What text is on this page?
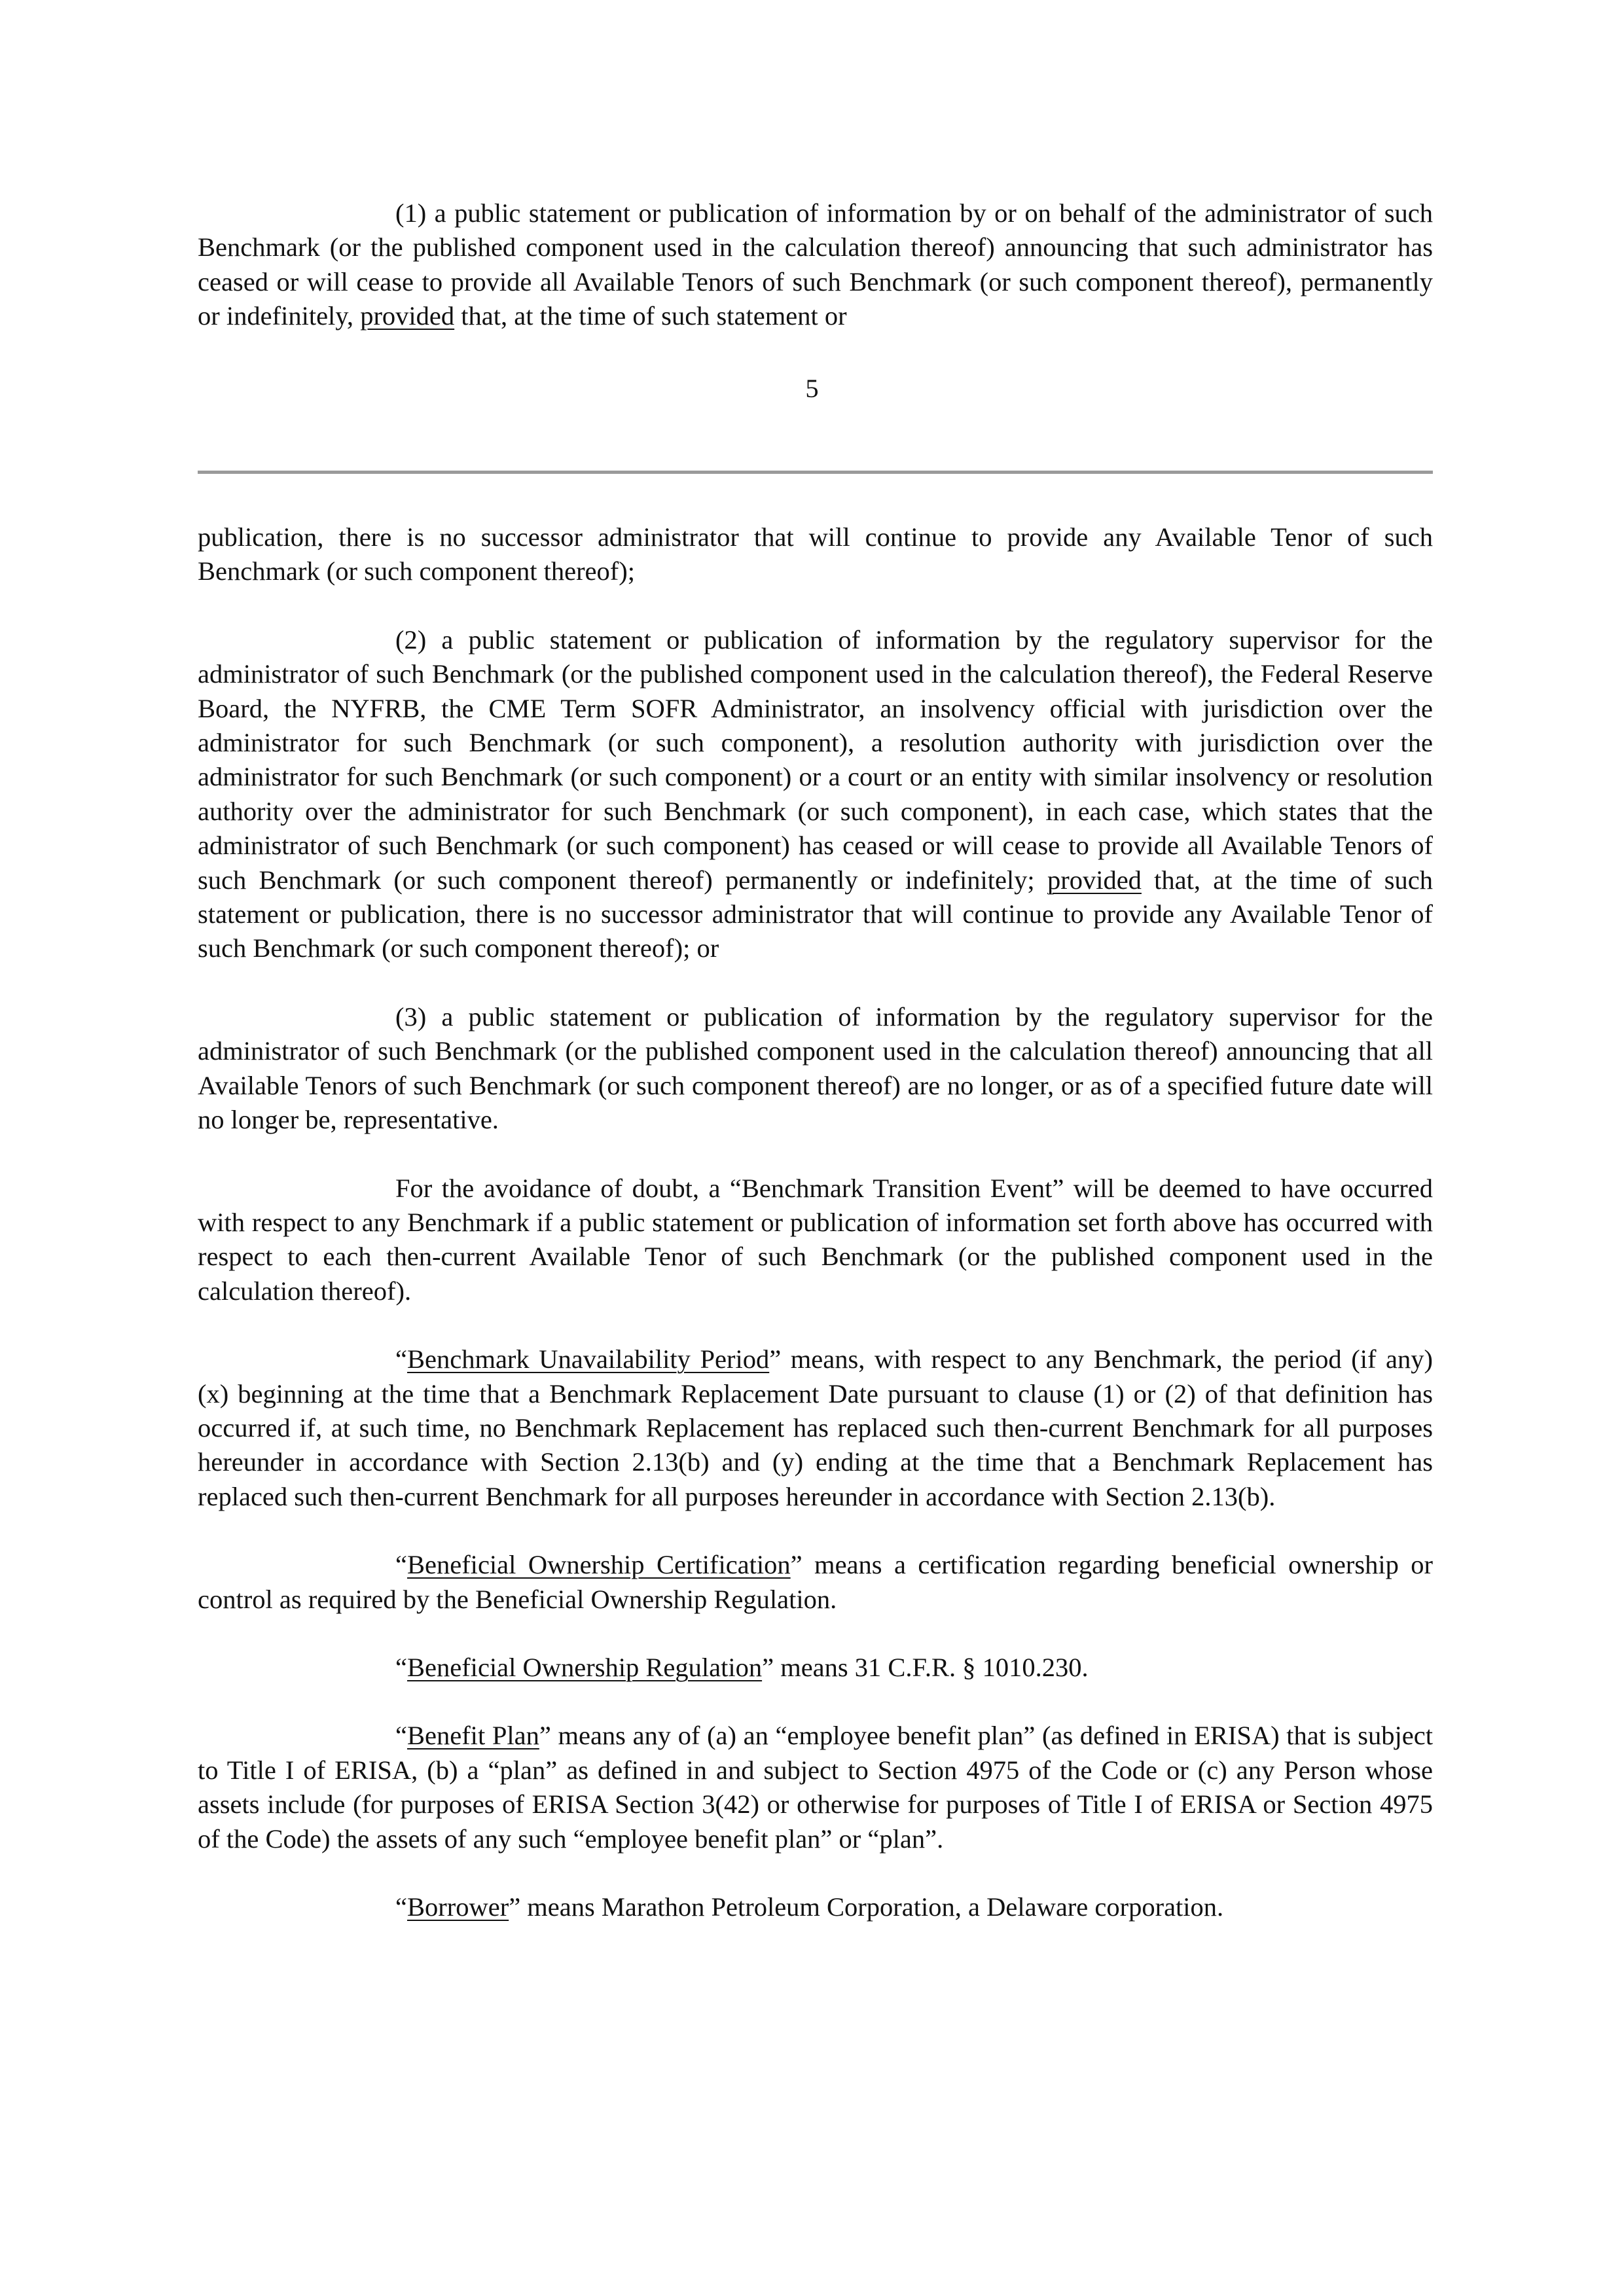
(1) a public statement or publication of information by or on behalf of the administrator of such Benchmark (or the published component used in the calculation thereof) announcing that such administrator has ceased or will cease to provide all Available Tenors of such Benchmark (or such component thereof), permanently or indefinitely, provided that, at the time of such statement or

5

publication, there is no successor administrator that will continue to provide any Available Tenor of such Benchmark (or such component thereof);

(2) a public statement or publication of information by the regulatory supervisor for the administrator of such Benchmark (or the published component used in the calculation thereof), the Federal Reserve Board, the NYFRB, the CME Term SOFR Administrator, an insolvency official with jurisdiction over the administrator for such Benchmark (or such component), a resolution authority with jurisdiction over the administrator for such Benchmark (or such component) or a court or an entity with similar insolvency or resolution authority over the administrator for such Benchmark (or such component), in each case, which states that the administrator of such Benchmark (or such component) has ceased or will cease to provide all Available Tenors of such Benchmark (or such component thereof) permanently or indefinitely; provided that, at the time of such statement or publication, there is no successor administrator that will continue to provide any Available Tenor of such Benchmark (or such component thereof); or

(3) a public statement or publication of information by the regulatory supervisor for the administrator of such Benchmark (or the published component used in the calculation thereof) announcing that all Available Tenors of such Benchmark (or such component thereof) are no longer, or as of a specified future date will no longer be, representative.

For the avoidance of doubt, a “Benchmark Transition Event” will be deemed to have occurred with respect to any Benchmark if a public statement or publication of information set forth above has occurred with respect to each then-current Available Tenor of such Benchmark (or the published component used in the calculation thereof).

“Benchmark Unavailability Period” means, with respect to any Benchmark, the period (if any) (x) beginning at the time that a Benchmark Replacement Date pursuant to clause (1) or (2) of that definition has occurred if, at such time, no Benchmark Replacement has replaced such then-current Benchmark for all purposes hereunder in accordance with Section 2.13(b) and (y) ending at the time that a Benchmark Replacement has replaced such then-current Benchmark for all purposes hereunder in accordance with Section 2.13(b).

“Beneficial Ownership Certification” means a certification regarding beneficial ownership or control as required by the Beneficial Ownership Regulation.

“Beneficial Ownership Regulation” means 31 C.F.R. § 1010.230.

“Benefit Plan” means any of (a) an “employee benefit plan” (as defined in ERISA) that is subject to Title I of ERISA, (b) a “plan” as defined in and subject to Section 4975 of the Code or (c) any Person whose assets include (for purposes of ERISA Section 3(42) or otherwise for purposes of Title I of ERISA or Section 4975 of the Code) the assets of any such “employee benefit plan” or “plan”.

“Borrower” means Marathon Petroleum Corporation, a Delaware corporation.
